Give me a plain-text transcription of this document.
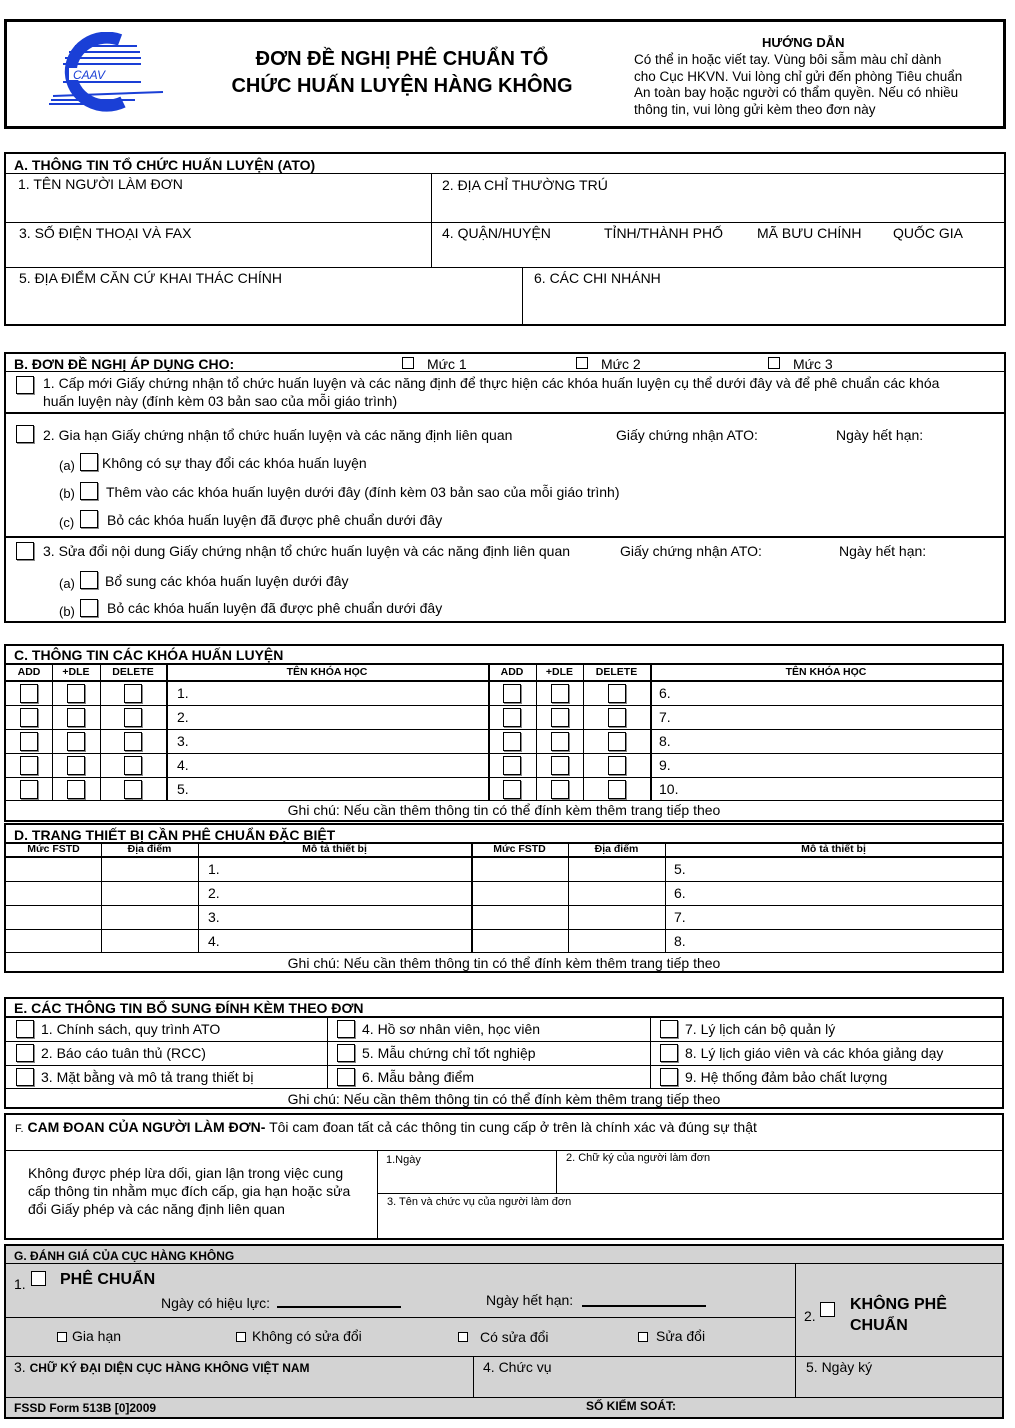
CAAV
ĐƠN ĐỀ NGHỊ PHÊ CHUẨN TỔ
CHỨC HUẤN LUYỆN HÀNG KHÔNG
HƯỚNG DẪN
Có thể in hoặc viết tay. Vùng bôi sẫm màu chỉ dành
cho Cục HKVN. Vui lòng chỉ gửi đến phòng Tiêu chuẩn
An toàn bay hoặc người có thẩm quyền. Nếu có nhiều
thông tin, vui lòng gửi kèm theo đơn này
A. THÔNG TIN TỔ CHỨC HUẤN LUYỆN (ATO)
1. TÊN NGƯỜI LÀM ĐƠN	2. ĐỊA CHỈ THƯỜNG TRÚ
3. SỐ ĐIỆN THOẠI VÀ FAX	4. QUẬN/HUYỆN	TỈNH/THÀNH PHỐ MÃ BƯU CHÍNH QUỐC GIA
5. ĐỊA ĐIỂM CĂN CỨ KHAI THÁC CHÍNH	6. CÁC CHI NHÁNH
B. ĐƠN ĐỀ NGHỊ ÁP DỤNG CHO:	Mức 1	Mức 2	Mức 3
1. Cấp mới Giấy chứng nhận tổ chức huấn luyện và các năng định để thực hiện các khóa huấn luyện cụ thể dưới đây và để phê chuẩn các khóa
huấn luyện này (đính kèm 03 bản sao của mỗi giáo trình)
2. Gia hạn Giấy chứng nhận tổ chức huấn luyện và các năng định liên quan	Giấy chứng nhận ATO:	Ngày hết hạn:
(a) Không có sự thay đổi các khóa huấn luyện
(b) Thêm vào các khóa huấn luyện dưới đây (đính kèm 03 bản sao của mỗi giáo trình)
(c) Bỏ các khóa huấn luyện đã được phê chuẩn dưới đây
3. Sửa đổi nội dung Giấy chứng nhận tổ chức huấn luyện và các năng định liên quan	Giấy chứng nhận ATO:	Ngày hết hạn:
(a) Bổ sung các khóa huấn luyện dưới đây
(b) Bỏ các khóa huấn luyện đã được phê chuẩn dưới đây
C. THÔNG TIN CÁC KHÓA HUẤN LUYỆN
Ghi chú: Nếu cần thêm thông tin có thể đính kèm thêm trang tiếp theo
ADD	+DLE	DELETE	TÊN KHÓA HỌC	ADD	+DLE	DELETE	TÊN KHÓA HỌC
1.	6.
2.	7.
3.	8.
4.	9.
5.	10.
D. TRANG THIẾT BỊ CẦN PHÊ CHUẨN ĐẶC BIỆT
Ghi chú: Nếu cần thêm thông tin có thể đính kèm thêm trang tiếp theo
Mức FSTD	Địa điểm	Mô tả thiết bị	Mức FSTD	Địa điểm	Mô tả thiết bị
1.	5.
2.	6.
3.	7.
4.	8.
E. CÁC THÔNG TIN BỔ SUNG ĐÍNH KÈM THEO ĐƠN
Ghi chú: Nếu cần thêm thông tin có thể đính kèm thêm trang tiếp theo
1. Chính sách, quy trình ATO	4. Hồ sơ nhân viên, học viên	7. Lý lịch cán bộ quản lý
2. Báo cáo tuân thủ (RCC)	5. Mẫu chứng chỉ tốt nghiệp	8. Lý lịch giáo viên và các khóa giảng dạy
3. Mặt bằng và mô tả trang thiết bị	6. Mẫu bảng điểm	9. Hệ thống đảm bảo chất lượng
F. CAM ĐOAN CỦA NGƯỜI LÀM ĐƠN- Tôi cam đoan tất cả các thông tin cung cấp ở trên là chính xác và đúng sự thật
Không được phép lừa dối, gian lận trong việc cung
cấp thông tin nhằm mục đích cấp, gia hạn hoặc sửa
đổi Giấy phép và các năng định liên quan
1.Ngày	2. Chữ ký của người làm đơn
3. Tên và chức vụ của người làm đơn
G. ĐÁNH GIÁ CỦA CỤC HÀNG KHÔNG
1. PHÊ CHUẨN
Ngày có hiệu lực:	Ngày hết hạn:
Gia hạn	Không có sửa đổi	Có sửa đổi	Sửa đổi
2.
KHÔNG PHÊ
CHUẨN
3. CHỮ KÝ ĐẠI DIỆN CỤC HÀNG KHÔNG VIỆT NAM	4. Chức vụ	5. Ngày ký
FSSD Form 513B [0]2009	SỐ KIỂM SOÁT:
